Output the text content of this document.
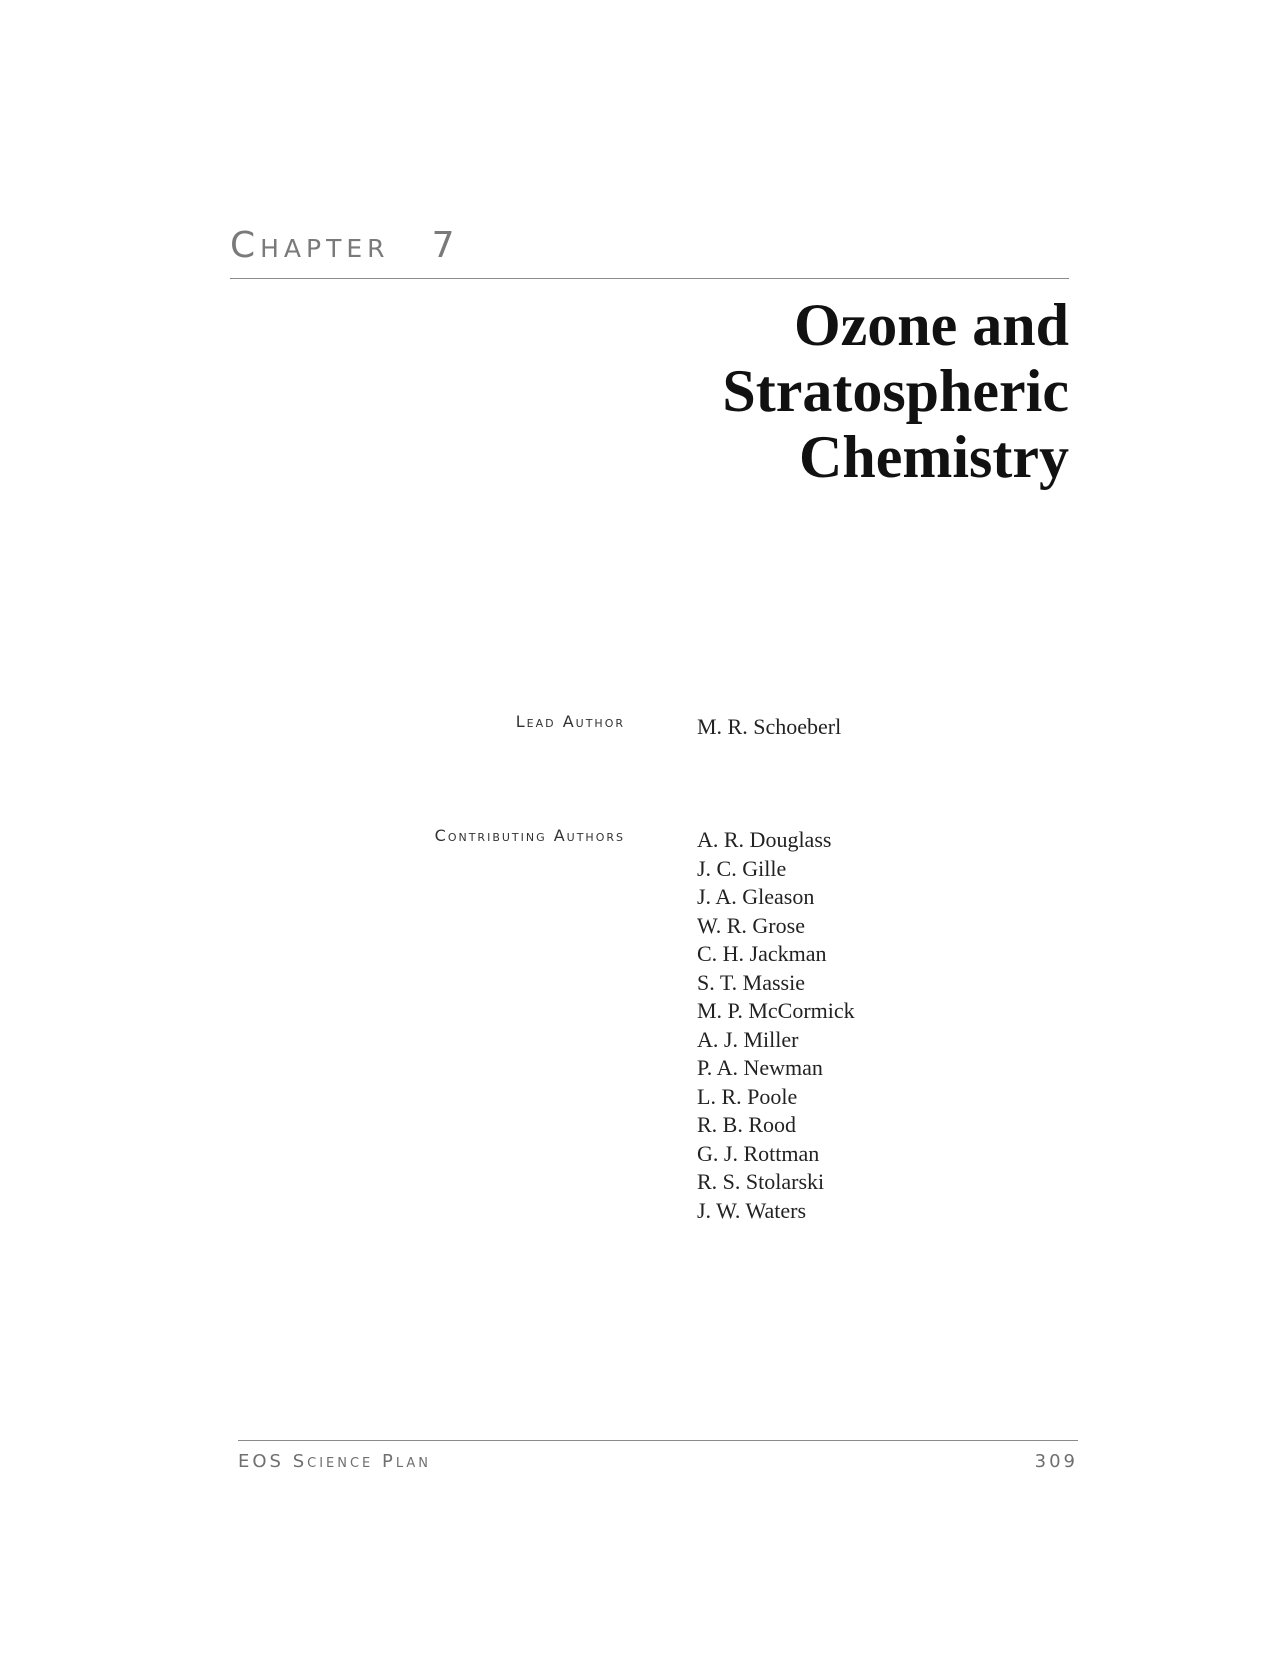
Chapter 7
Ozone and
Stratospheric
Chemistry
Lead Author	M. R. Schoeberl
Contributing Authors	A. R. Douglass
J. C. Gille
J. A. Gleason
W. R. Grose
C. H. Jackman
S. T. Massie
M. P. McCormick
A. J. Miller
P. A. Newman
L. R. Poole
R. B. Rood
G. J. Rottman
R. S. Stolarski
J. W. Waters
EOS Science Plan	309
